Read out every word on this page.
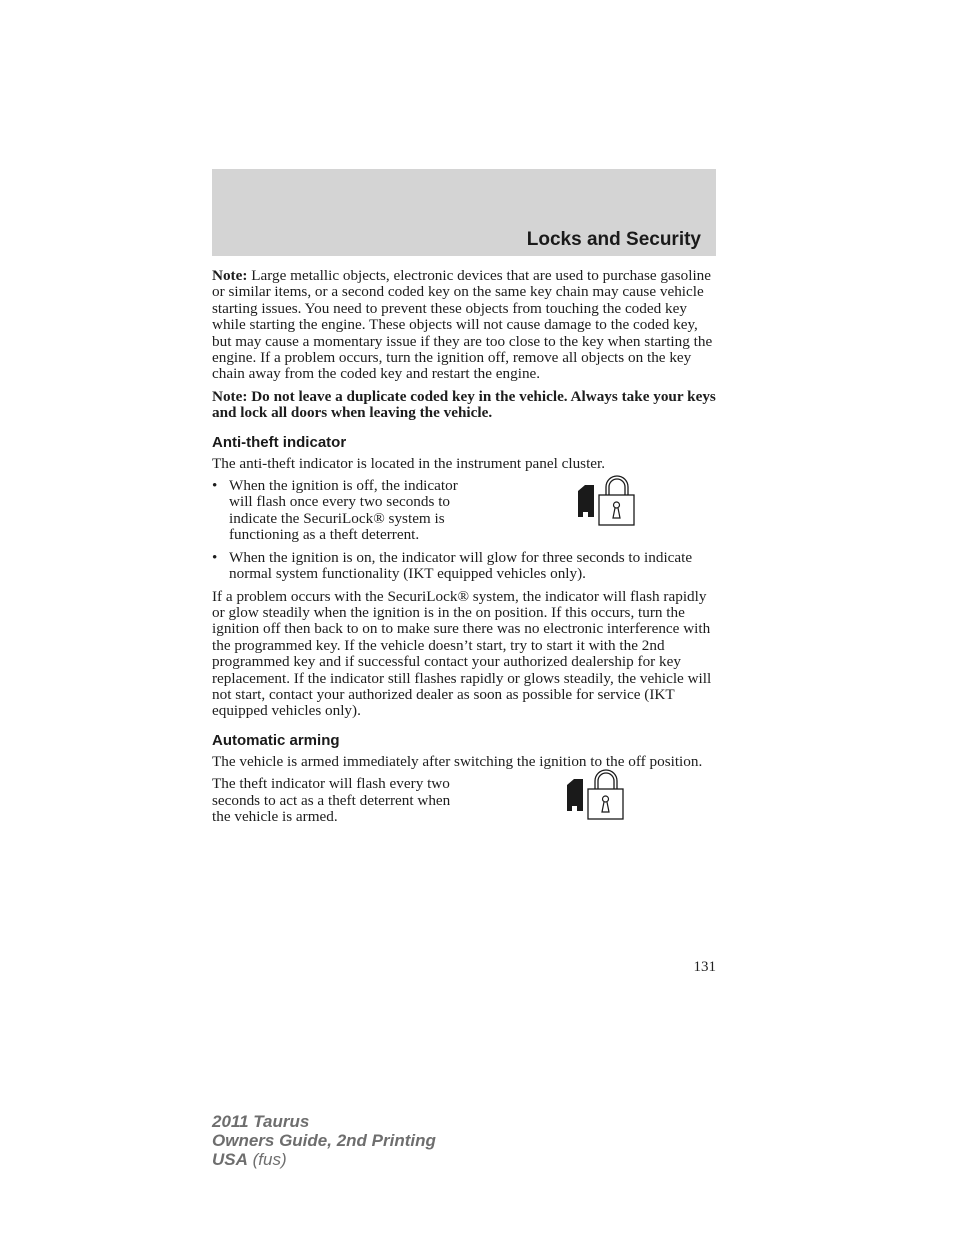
Locks and Security

Note: Large metallic objects, electronic devices that are used to purchase gasoline or similar items, or a second coded key on the same key chain may cause vehicle starting issues. You need to prevent these objects from touching the coded key while starting the engine. These objects will not cause damage to the coded key, but may cause a momentary issue if they are too close to the key when starting the engine. If a problem occurs, turn the ignition off, remove all objects on the key chain away from the coded key and restart the engine.

Note: Do not leave a duplicate coded key in the vehicle. Always take your keys and lock all doors when leaving the vehicle.

Anti-theft indicator

The anti-theft indicator is located in the instrument panel cluster.

• When the ignition is off, the indicator will flash once every two seconds to indicate the SecuriLock® system is functioning as a theft deterrent.
• When the ignition is on, the indicator will glow for three seconds to indicate normal system functionality (IKT equipped vehicles only).

If a problem occurs with the SecuriLock® system, the indicator will flash rapidly or glow steadily when the ignition is in the on position. If this occurs, turn the ignition off then back to on to make sure there was no electronic interference with the programmed key. If the vehicle doesn’t start, try to start it with the 2nd programmed key and if successful contact your authorized dealership for key replacement. If the indicator still flashes rapidly or glows steadily, the vehicle will not start, contact your authorized dealer as soon as possible for service (IKT equipped vehicles only).

Automatic arming

The vehicle is armed immediately after switching the ignition to the off position.

The theft indicator will flash every two seconds to act as a theft deterrent when the vehicle is armed.

131

2011 Taurus
Owners Guide, 2nd Printing
USA (fus)
